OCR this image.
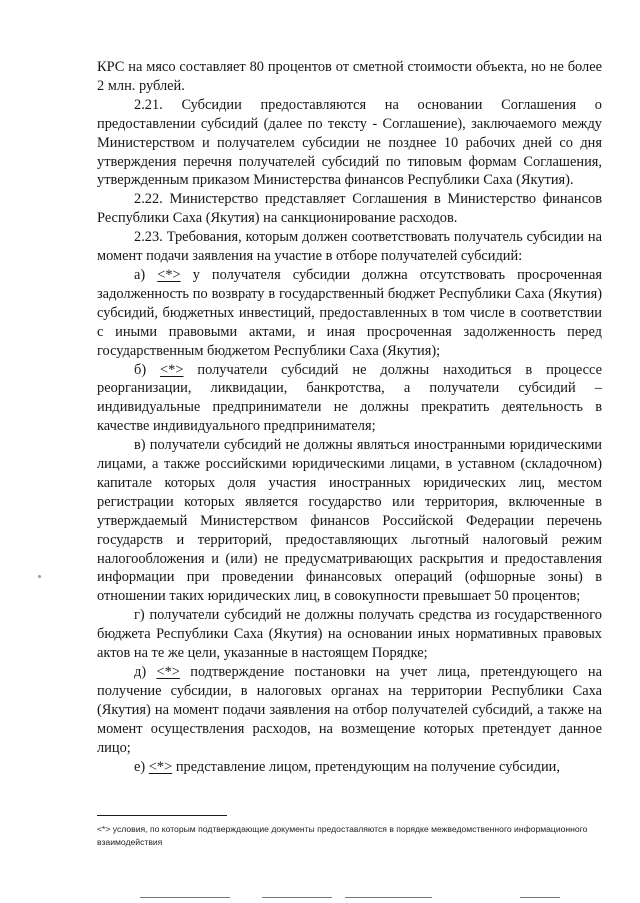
КРС на мясо составляет 80 процентов от сметной стоимости объекта, но не более 2 млн. рублей.

2.21. Субсидии предоставляются на основании Соглашения о предоставлении субсидий (далее по тексту - Соглашение), заключаемого между Министерством и получателем субсидии не позднее 10 рабочих дней со дня утверждения перечня получателей субсидий по типовым формам Соглашения, утвержденным приказом Министерства финансов Республики Саха (Якутия).

2.22. Министерство представляет Соглашения в Министерство финансов Республики Саха (Якутия) на санкционирование расходов.

2.23. Требования, которым должен соответствовать получатель субсидии на момент подачи заявления на участие в отборе получателей субсидий:

а) <*> у получателя субсидии должна отсутствовать просроченная задолженность по возврату в государственный бюджет Республики Саха (Якутия) субсидий, бюджетных инвестиций, предоставленных в том числе в соответствии с иными правовыми актами, и иная просроченная задолженность перед государственным бюджетом Республики Саха (Якутия);

б) <*> получатели субсидий не должны находиться в процессе реорганизации, ликвидации, банкротства, а получатели субсидий – индивидуальные предприниматели не должны прекратить деятельность в качестве индивидуального предпринимателя;

в) получатели субсидий не должны являться иностранными юридическими лицами, а также российскими юридическими лицами, в уставном (складочном) капитале которых доля участия иностранных юридических лиц, местом регистрации которых является государство или территория, включенные в утверждаемый Министерством финансов Российской Федерации перечень государств и территорий, предоставляющих льготный налоговый режим налогообложения и (или) не предусматривающих раскрытия и предоставления информации при проведении финансовых операций (офшорные зоны) в отношении таких юридических лиц, в совокупности превышает 50 процентов;

г) получатели субсидий не должны получать средства из государственного бюджета Республики Саха (Якутия) на основании иных нормативных правовых актов на те же цели, указанные в настоящем Порядке;

д) <*> подтверждение постановки на учет лица, претендующего на получение субсидии, в налоговых органах на территории Республики Саха (Якутия) на момент подачи заявления на отбор получателей субсидий, а также на момент осуществления расходов, на возмещение которых претендует данное лицо;

е) <*> представление лицом, претендующим на получение субсидии,

<*> условия, по которым подтверждающие документы предоставляются в порядке межведомственного информационного взаимодействия
